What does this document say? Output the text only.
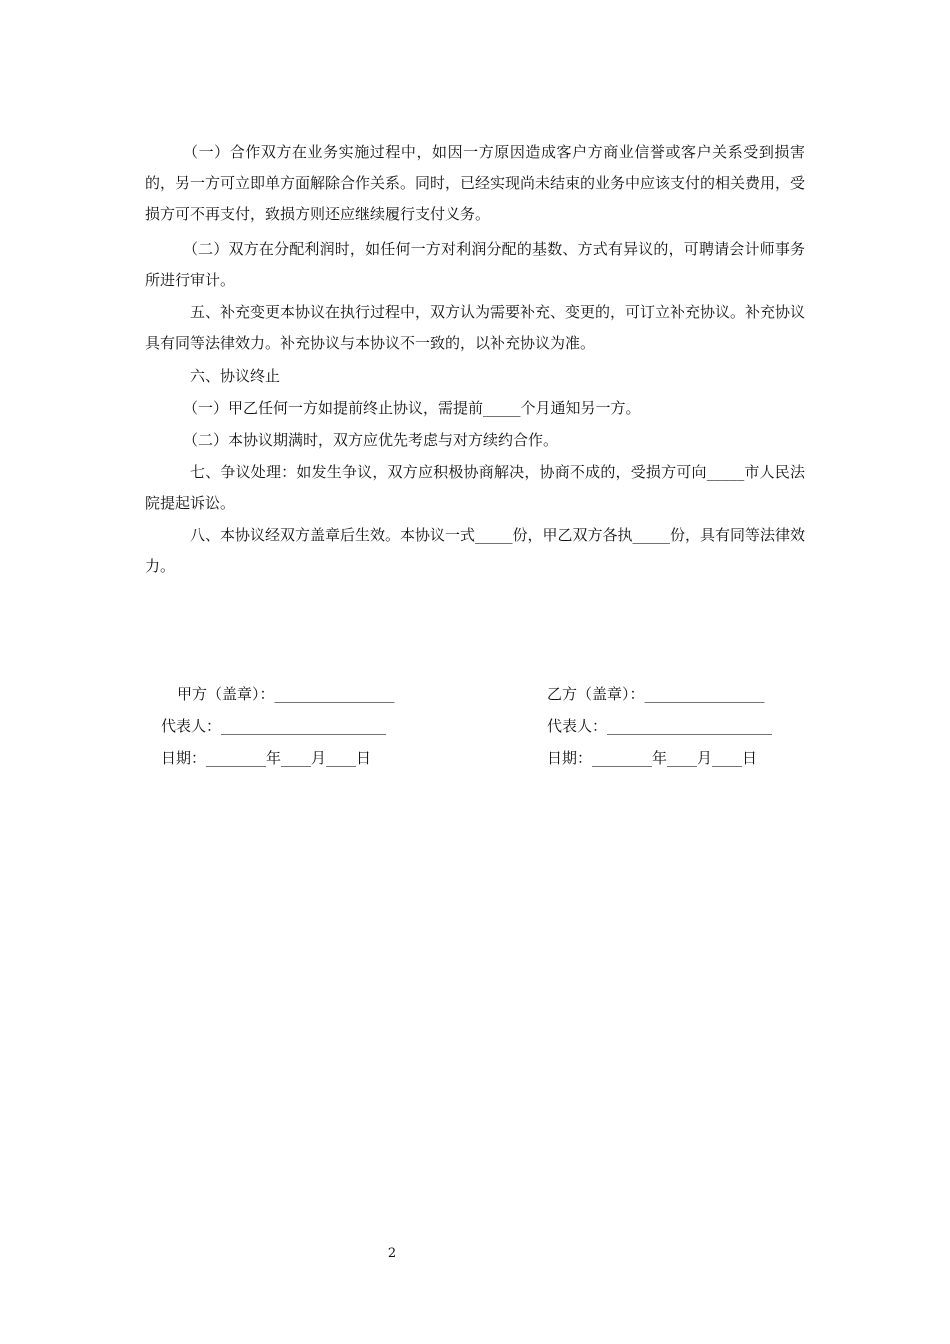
（一）合作双方在业务实施过程中，如因一方原因造成客户方商业信誉或客户关系受到损害的，另一方可立即单方面解除合作关系。同时，已经实现尚未结束的业务中应该支付的相关费用，受损方可不再支付，致损方则还应继续履行支付义务。

（二）双方在分配利润时，如任何一方对利润分配的基数、方式有异议的，可聘请会计师事务所进行审计。

五、补充变更本协议在执行过程中，双方认为需要补充、变更的，可订立补充协议。补充协议具有同等法律效力。补充协议与本协议不一致的，以补充协议为准。

六、协议终止

（一）甲乙任何一方如提前终止协议，需提前_____个月通知另一方。

（二）本协议期满时，双方应优先考虑与对方续约合作。

七、争议处理：如发生争议，双方应积极协商解决，协商不成的，受损方可向_____市人民法院提起诉讼。

八、本协议经双方盖章后生效。本协议一式_____份，甲乙双方各执_____份，具有同等法律效力。

甲方（盖章）：________________

代表人：______________________

日期：________年____月____日

乙方（盖章）：________________

代表人：______________________

日期：________年____月____日

2
